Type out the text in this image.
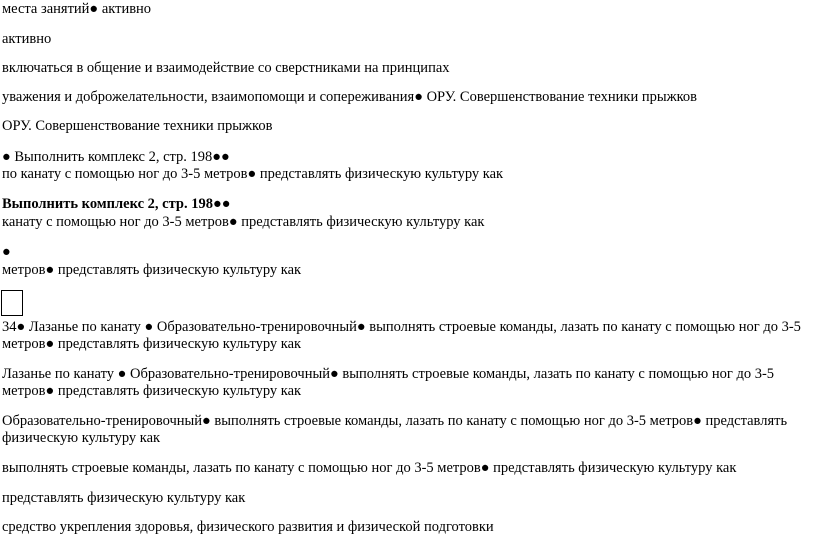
места занятий● активно
активно
включаться в общение и взаимодействие со сверстниками на принципах
уважения и доброжелательности, взаимопомощи и сопереживания● ОРУ. Совершенствование техники прыжков
ОРУ. Совершенствование техники прыжков
● Выполнить комплекс 2, стр. 198●●
по канату с помощью ног до 3-5 метров● представлять физическую культуру как
Выполнить комплекс 2, стр. 198●●
канату с помощью ног до 3-5 метров● представлять физическую культуру как
●
метров● представлять физическую культуру как
34● Лазанье по канату ● Образовательно-тренировочный● выполнять строевые команды, лазать по канату с помощью ног до 3-5
метров● представлять физическую культуру как
Лазанье по канату ● Образовательно-тренировочный● выполнять строевые команды, лазать по канату с помощью ног до 3-5
метров● представлять физическую культуру как
Образовательно-тренировочный● выполнять строевые команды, лазать по канату с помощью ног до 3-5 метров● представлять
физическую культуру как
выполнять строевые команды, лазать по канату с помощью ног до 3-5 метров● представлять физическую культуру как
представлять физическую культуру как
средство укрепления здоровья, физического развития и физической подготовки
